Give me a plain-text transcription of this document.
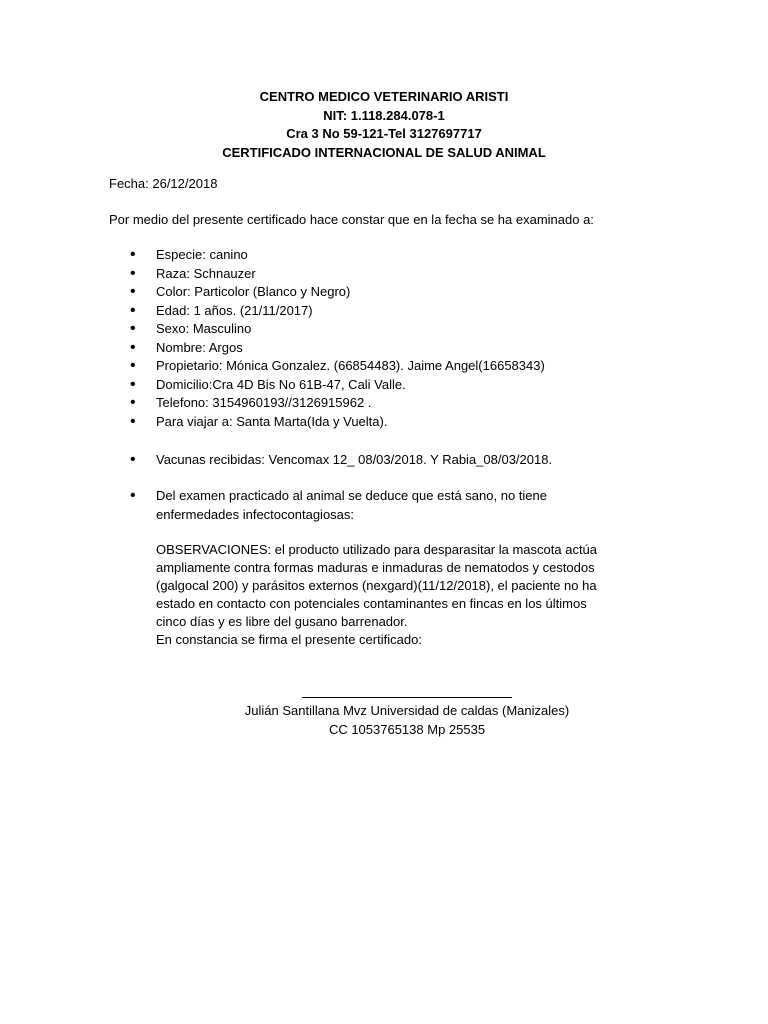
CENTRO MEDICO VETERINARIO ARISTI
NIT: 1.118.284.078-1
Cra 3 No 59-121-Tel 3127697717
CERTIFICADO INTERNACIONAL DE SALUD ANIMAL
Fecha: 26/12/2018
Por medio del presente certificado hace constar que en la fecha se ha examinado a:
• Especie: canino
• Raza: Schnauzer
• Color: Particolor (Blanco y Negro)
• Edad: 1 años. (21/11/2017)
• Sexo: Masculino
• Nombre: Argos
• Propietario: Mónica Gonzalez. (66854483). Jaime Angel(16658343)
• Domicilio:Cra 4D Bis No 61B-47, Cali Valle.
• Telefono: 3154960193//3126915962 .
• Para viajar a: Santa Marta(Ida y Vuelta).
• Vacunas recibidas: Vencomax 12_ 08/03/2018. Y Rabia_08/03/2018.
• Del examen practicado al animal se deduce que está sano, no tiene
enfermedades infectocontagiosas:
OBSERVACIONES: el producto utilizado para desparasitar la mascota actúa
ampliamente contra formas maduras e inmaduras de nematodos y cestodos
(galgocal 200) y parásitos externos (nexgard)(11/12/2018), el paciente no ha
estado en contacto con potenciales contaminantes en fincas en los últimos
cinco días y es libre del gusano barrenador.
En constancia se firma el presente certificado:
Julián Santillana Mvz Universidad de caldas (Manizales)
CC 1053765138 Mp 25535
